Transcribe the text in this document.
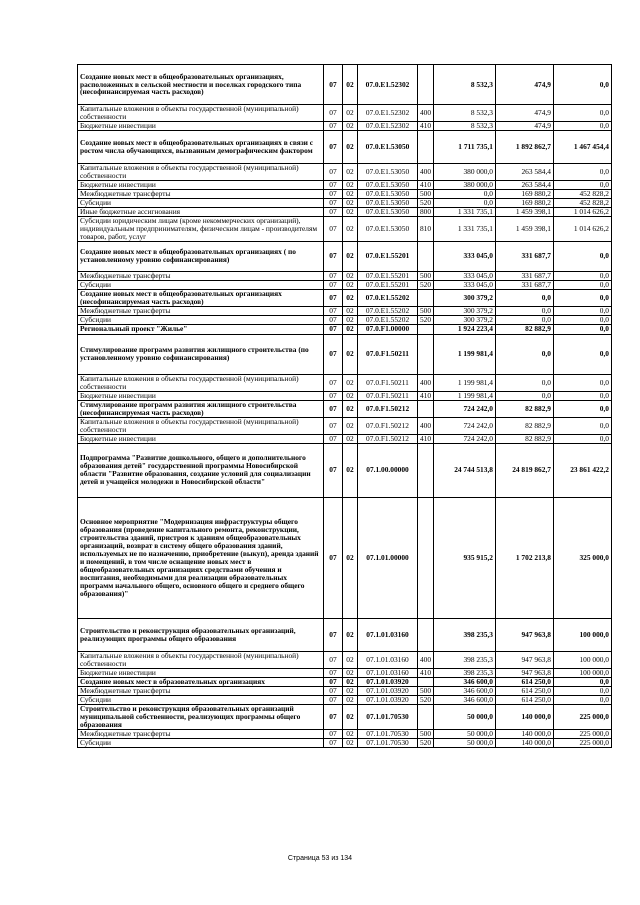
Создание новых мест в общеобразовательных организациях, расположенных в сельской местности и поселках городского типа (несофинансируемая часть расходов)	07	02	07.0.E1.52302		8 532,3	474,9	0,0
Капитальные вложения в объекты государственной (муниципальной) собственности	07	02	07.0.E1.52302	400	8 532,3	474,9	0,0
Бюджетные инвестиции	07	02	07.0.E1.52302	410	8 532,3	474,9	0,0
Создание новых мест в общеобразовательных организациях в связи с ростом числа обучающихся, вызванным демографическим фактором	07	02	07.0.E1.53050		1 711 735,1	1 892 862,7	1 467 454,4
Капитальные вложения в объекты государственной (муниципальной) собственности	07	02	07.0.E1.53050	400	380 000,0	263 584,4	0,0
Бюджетные инвестиции	07	02	07.0.E1.53050	410	380 000,0	263 584,4	0,0
Межбюджетные трансферты	07	02	07.0.E1.53050	500	0,0	169 880,2	452 828,2
Субсидии	07	02	07.0.E1.53050	520	0,0	169 880,2	452 828,2
Иные бюджетные ассигнования	07	02	07.0.E1.53050	800	1 331 735,1	1 459 398,1	1 014 626,2
Субсидии юридическим лицам (кроме некоммерческих организаций), индивидуальным предпринимателям, физическим лицам - производителям товаров, работ, услуг	07	02	07.0.E1.53050	810	1 331 735,1	1 459 398,1	1 014 626,2
Создание новых мест в общеобразовательных организациях ( по установленному уровню софинансирования)	07	02	07.0.E1.55201		333 045,0	331 687,7	0,0
Межбюджетные трансферты	07	02	07.0.E1.55201	500	333 045,0	331 687,7	0,0
Субсидии	07	02	07.0.E1.55201	520	333 045,0	331 687,7	0,0
Создание новых мест в общеобразовательных организациях (несофинансируемая часть расходов)	07	02	07.0.E1.55202		300 379,2	0,0	0,0
Межбюджетные трансферты	07	02	07.0.E1.55202	500	300 379,2	0,0	0,0
Субсидии	07	02	07.0.E1.55202	520	300 379,2	0,0	0,0
Региональный проект "Жилье"	07	02	07.0.F1.00000		1 924 223,4	82 882,9	0,0
Стимулирование программ развития жилищного строительства (по установленному уровню софинансирования)	07	02	07.0.F1.50211		1 199 981,4	0,0	0,0
Капитальные вложения в объекты государственной (муниципальной) собственности	07	02	07.0.F1.50211	400	1 199 981,4	0,0	0,0
Бюджетные инвестиции	07	02	07.0.F1.50211	410	1 199 981,4	0,0	0,0
Стимулирование программ развития жилищного строительства (несофинансируемая часть расходов)	07	02	07.0.F1.50212		724 242,0	82 882,9	0,0
Капитальные вложения в объекты государственной (муниципальной) собственности	07	02	07.0.F1.50212	400	724 242,0	82 882,9	0,0
Бюджетные инвестиции	07	02	07.0.F1.50212	410	724 242,0	82 882,9	0,0
Подпрограмма "Развитие дошкольного, общего и дополнительного образования детей" государственной программы Новосибирской области "Развитие образования, создание условий для социализации детей и учащейся молодежи в Новосибирской области"	07	02	07.1.00.00000		24 744 513,8	24 819 862,7	23 861 422,2
Основное мероприятие "Модернизация инфраструктуры общего образования (проведение капитального ремонта, реконструкции, строительства зданий, пристроя к зданиям общеобразовательных организаций, возврат в систему общего образования зданий, используемых не по назначению, приобретение (выкуп), аренда зданий и помещений, в том числе оснащение новых мест в общеобразовательных организациях средствами обучения и воспитания, необходимыми для реализации образовательных программ начального общего, основного общего и среднего общего образования)"	07	02	07.1.01.00000		935 915,2	1 702 213,8	325 000,0
Строительство и реконструкция образовательных организаций, реализующих программы общего образования	07	02	07.1.01.03160		398 235,3	947 963,8	100 000,0
Капитальные вложения в объекты государственной (муниципальной) собственности	07	02	07.1.01.03160	400	398 235,3	947 963,8	100 000,0
Бюджетные инвестиции	07	02	07.1.01.03160	410	398 235,3	947 963,8	100 000,0
Создание новых мест в образовательных организациях	07	02	07.1.01.03920		346 600,0	614 250,0	0,0
Межбюджетные трансферты	07	02	07.1.01.03920	500	346 600,0	614 250,0	0,0
Субсидии	07	02	07.1.01.03920	520	346 600,0	614 250,0	0,0
Строительство и реконструкция образовательных организаций муниципальной собственности, реализующих программы общего образования	07	02	07.1.01.70530		50 000,0	140 000,0	225 000,0
Межбюджетные трансферты	07	02	07.1.01.70530	500	50 000,0	140 000,0	225 000,0
Субсидии	07	02	07.1.01.70530	520	50 000,0	140 000,0	225 000,0
Страница 53 из 134
